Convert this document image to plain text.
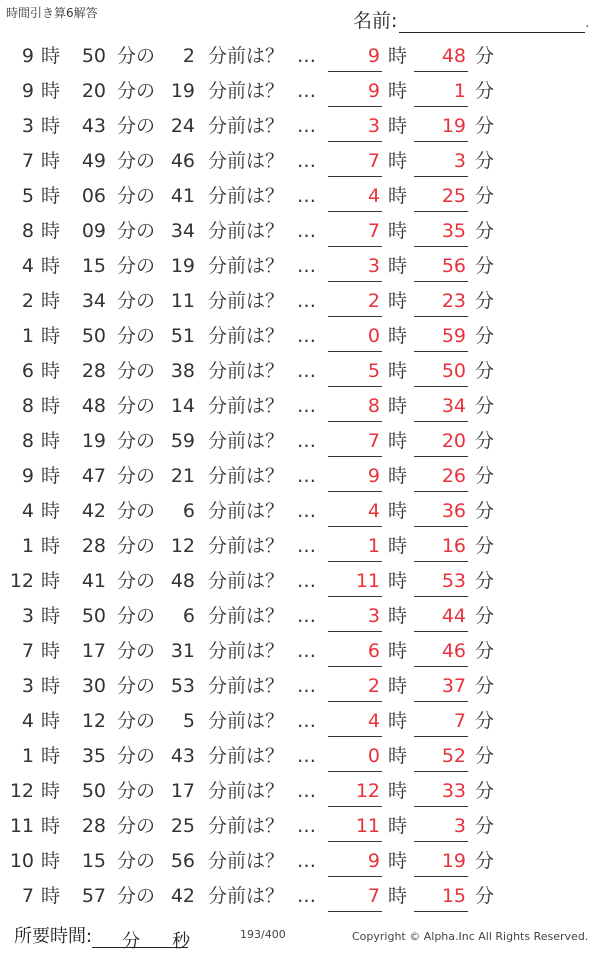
時間引き算6解答	名前:	.
9 時	50 分の	2 分前は？ …	9 時	48 分
9 時	20 分の 19 分前は？ …	9 時	1 分
3 時	43 分の 24 分前は？ …	3 時	19 分
7 時	49 分の 46 分前は？ …	7 時	3 分
5 時	06 分の 41 分前は？ …	4 時	25 分
8 時	09 分の 34 分前は？ …	7 時	35 分
4 時	15 分の 19 分前は？ …	3 時	56 分
2 時	34 分の 11 分前は？ …	2 時	23 分
1 時	50 分の 51 分前は？ …	0 時	59 分
6 時	28 分の 38 分前は？ …	5 時	50 分
8 時	48 分の 14 分前は？ …	8 時	34 分
8 時	19 分の 59 分前は？ …	7 時	20 分
9 時	47 分の 21 分前は？ …	9 時	26 分
4 時	42 分の	6 分前は？ …	4 時	36 分
1 時	28 分の 12 分前は？ …	1 時	16 分
12 時	41 分の 48 分前は？ …	11 時	53 分
3 時	50 分の	6 分前は？ …	3 時	44 分
7 時	17 分の 31 分前は？ …	6 時	46 分
3 時	30 分の 53 分前は？ …	2 時	37 分
4 時	12 分の	5 分前は？ …	4 時	7 分
1 時	35 分の 43 分前は？ …	0 時	52 分
12 時	50 分の 17 分前は？ …	12 時	33 分
11 時	28 分の 25 分前は？ …	11 時	3 分
10 時	15 分の 56 分前は？ …	9 時	19 分
7 時	57 分の 42 分前は？ …	7 時	15 分
所要時間: 分 秒	193/400	Copyright © Alpha.Inc All Rights Reserved.
